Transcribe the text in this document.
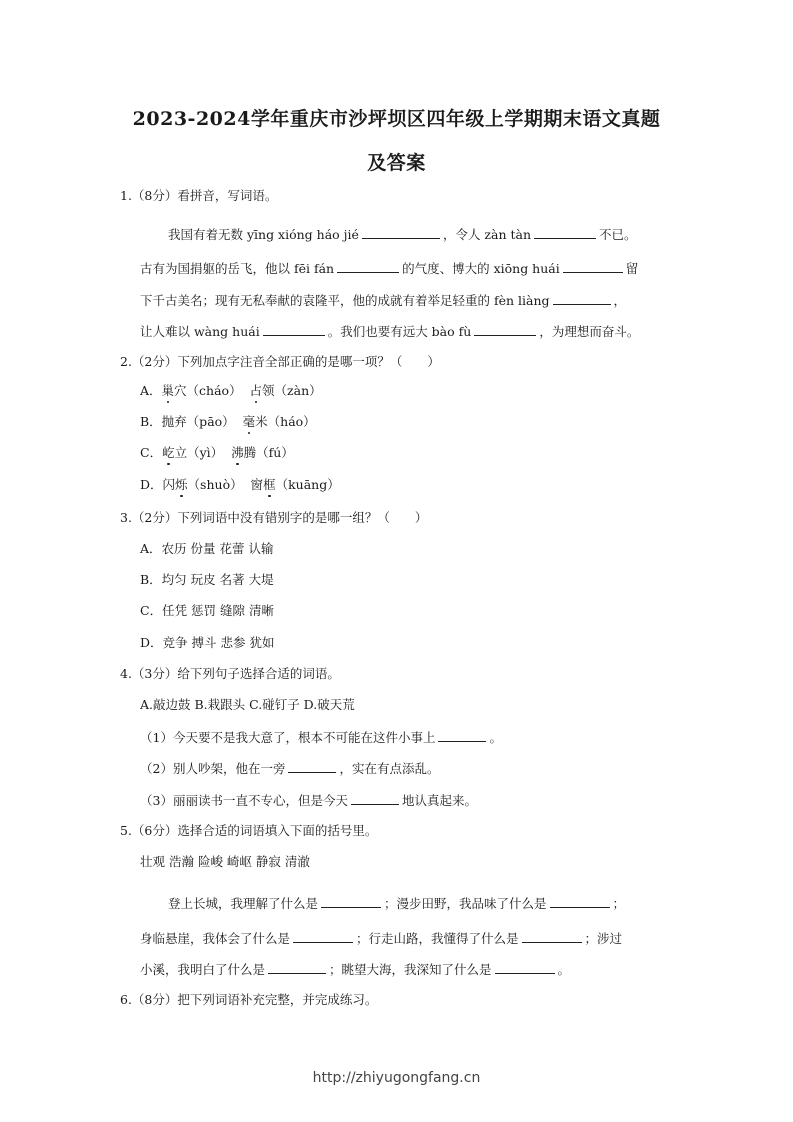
2023-2024学年重庆市沙坪坝区四年级上学期期末语文真题
及答案
1.（8分）看拼音，写词语。
我国有着无数 yīng xióng háo jié	，令人 zàn tàn	不已。
古有为国捐躯的岳飞，他以 fēi fán	的气度、博大的 xiōng huái	留
下千古美名；现有无私奉献的袁隆平，他的成就有着举足轻重的 fèn liàng	，
让人难以 wàng huái	。我们也要有远大 bào fù	，为理想而奋斗。
2.（2分）下列加点字注音全部正确的是哪一项？（　　）
A．巢穴（cháo） 占领（zàn）
B．抛弃（pāo） 毫米（háo）
C．屹立（yì） 沸腾（fú）
D．闪烁（shuò） 窗框（kuāng）
3.（2分）下列词语中没有错别字的是哪一组？（　　）
A．农历 份量 花蕾 认输
B．均匀 玩皮 名著 大堤
C．任凭 惩罚 缝隙 清晰
D．竞争 搏斗 悲参 犹如
4.（3分）给下列句子选择合适的词语。
A.敲边鼓 B.栽跟头 C.碰钉子 D.破天荒
（1）今天要不是我大意了，根本不可能在这件小事上	。
（2）别人吵架，他在一旁	，实在有点添乱。
（3）丽丽读书一直不专心，但是今天	地认真起来。
5.（6分）选择合适的词语填入下面的括号里。
壮观 浩瀚 险峻 崎岖 静寂 清澈
登上长城，我理解了什么是	；漫步田野，我品味了什么是	；
身临悬崖，我体会了什么是	；行走山路，我懂得了什么是	；涉过
小溪，我明白了什么是	；眺望大海，我深知了什么是	。
6.（8分）把下列词语补充完整，并完成练习。
http://zhiyugongfang.cn
